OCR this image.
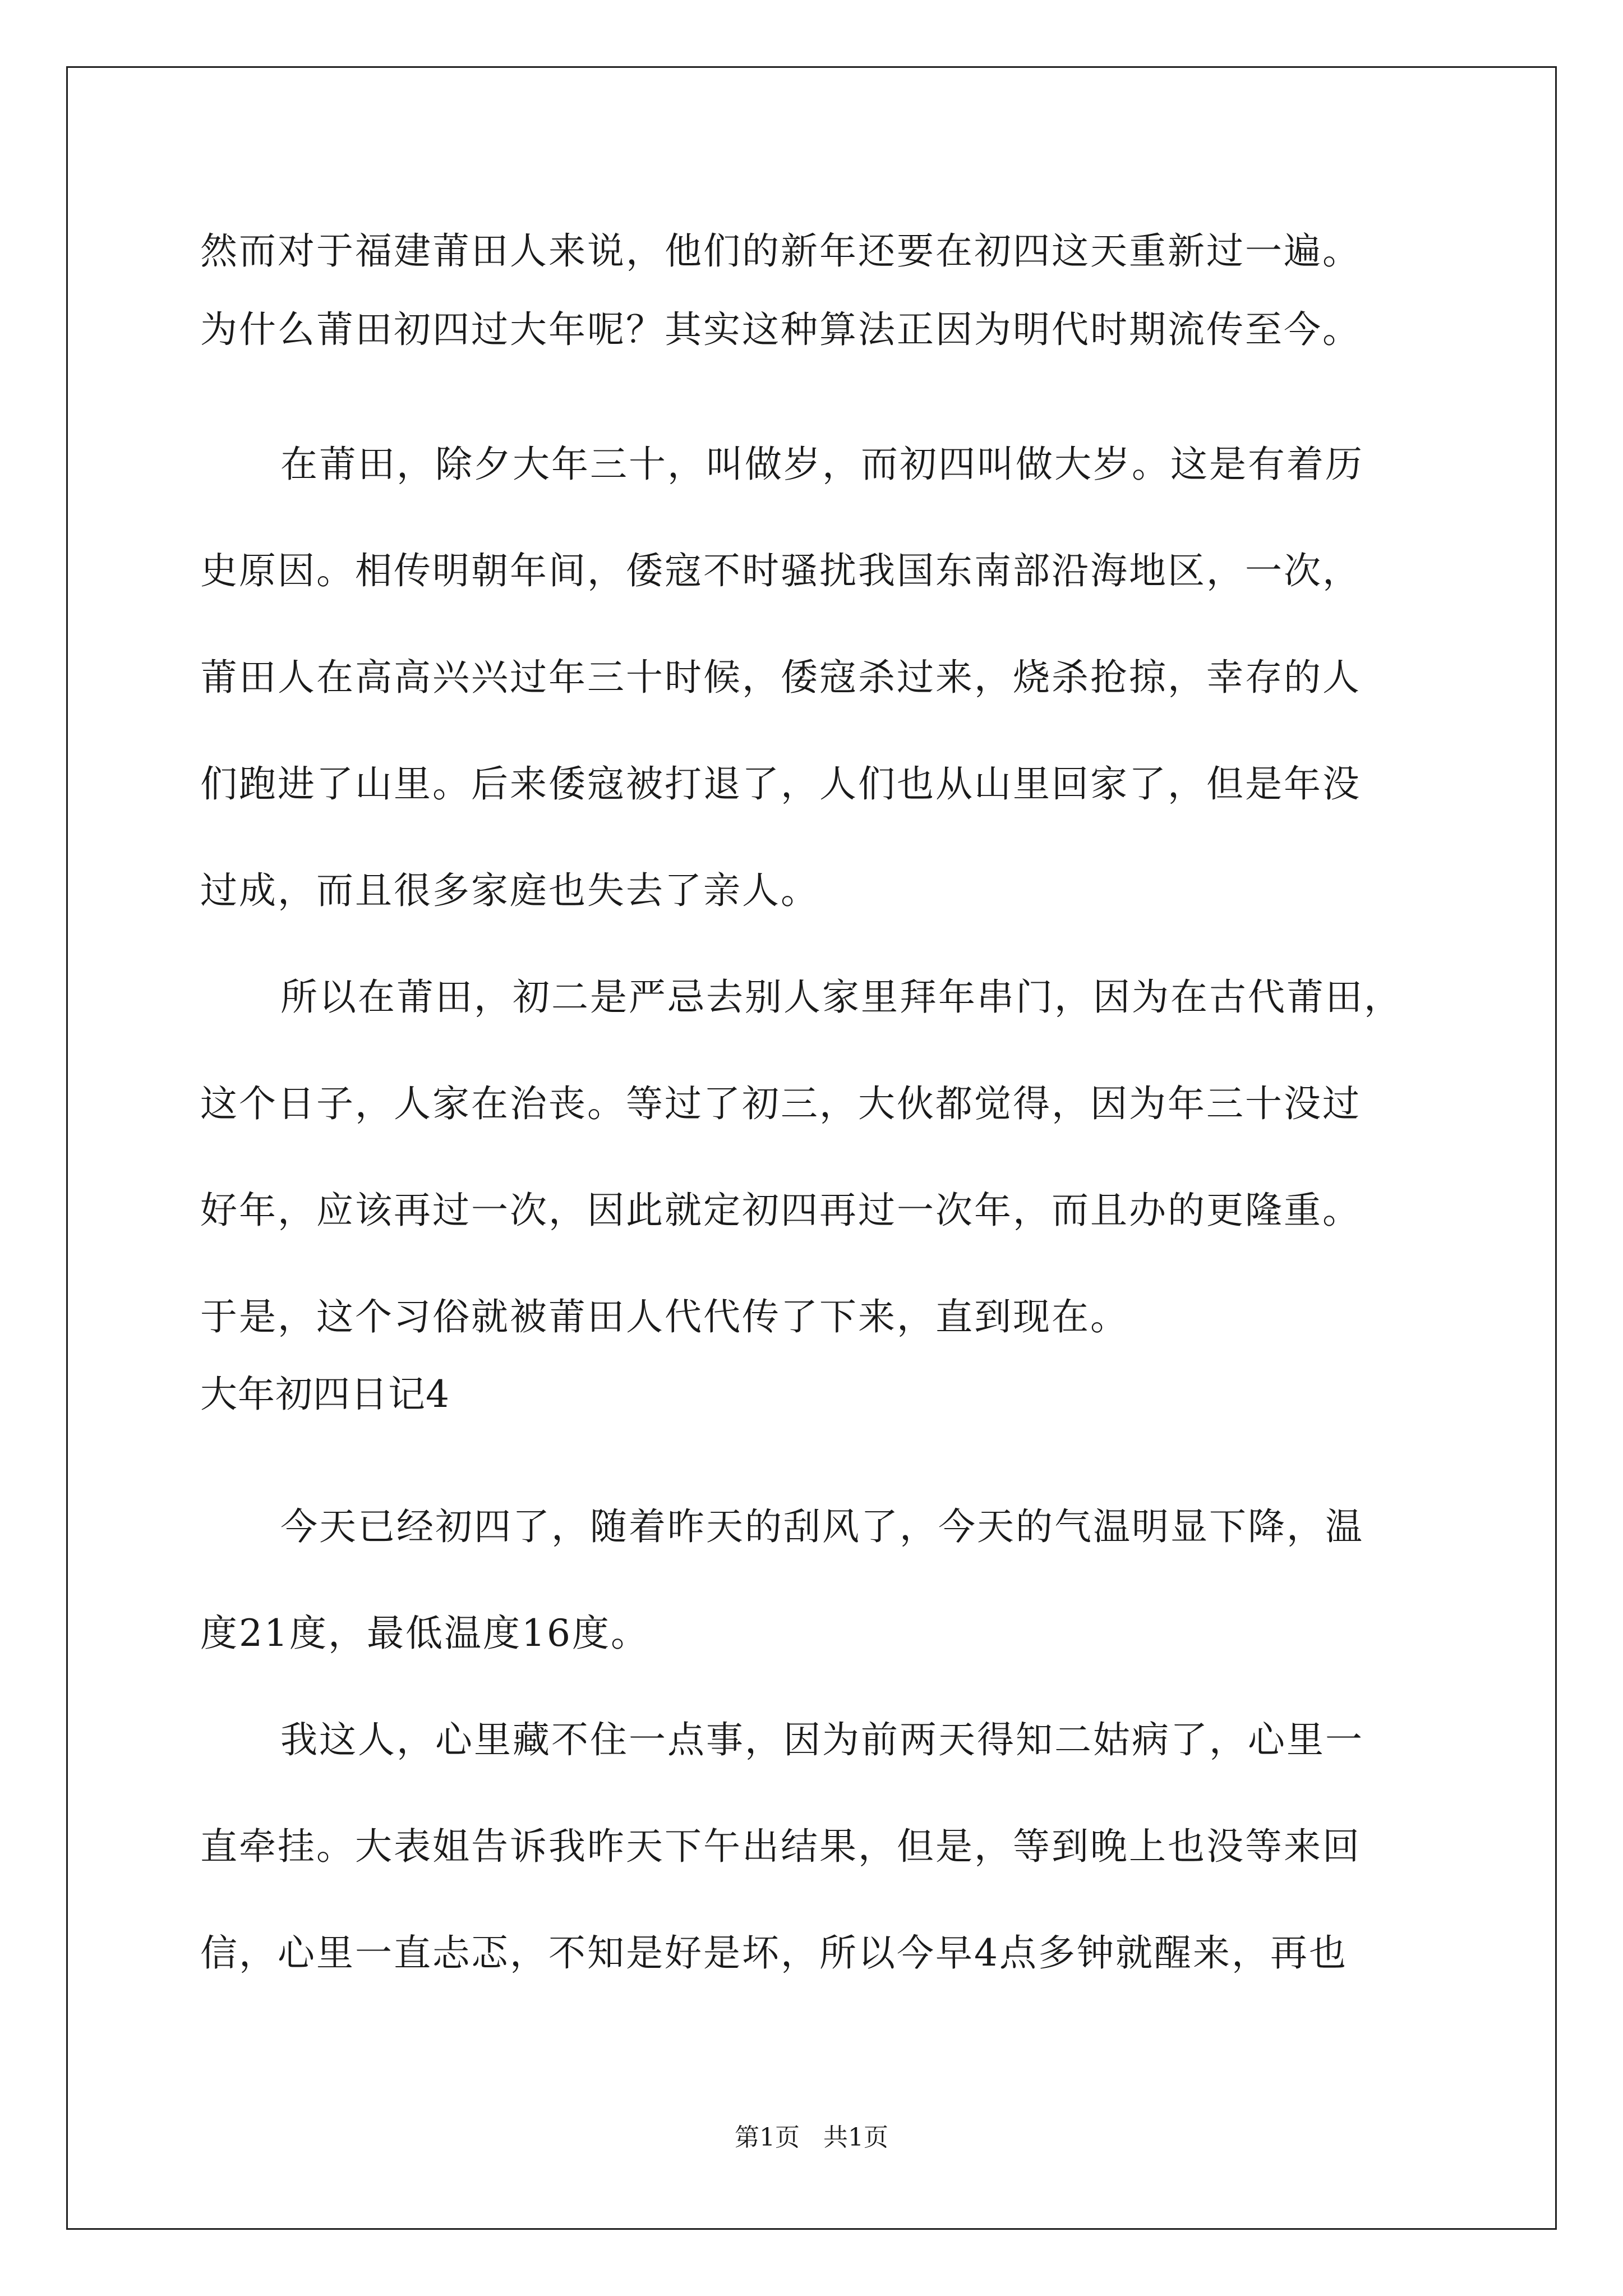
然而对于福建莆田人来说，他们的新年还要在初四这天重新过一遍。
为什么莆田初四过大年呢？其实这种算法正因为明代时期流传至今。
在莆田，除夕大年三十，叫做岁，而初四叫做大岁。这是有着历
史原因。相传明朝年间，倭寇不时骚扰我国东南部沿海地区，一次，
莆田人在高高兴兴过年三十时候，倭寇杀过来，烧杀抢掠，幸存的人
们跑进了山里。后来倭寇被打退了，人们也从山里回家了，但是年没
过成，而且很多家庭也失去了亲人。
所以在莆田，初二是严忌去别人家里拜年串门，因为在古代莆田，
这个日子，人家在治丧。等过了初三，大伙都觉得，因为年三十没过
好年，应该再过一次，因此就定初四再过一次年，而且办的更隆重。
于是，这个习俗就被莆田人代代传了下来，直到现在。
大年初四日记4
今天已经初四了，随着昨天的刮风了，今天的气温明显下降，温
度21度，最低温度16度。
我这人，心里藏不住一点事，因为前两天得知二姑病了，心里一
直牵挂。大表姐告诉我昨天下午出结果，但是，等到晚上也没等来回
信，心里一直忐忑，不知是好是坏，所以今早4点多钟就醒来，再也
第1页   共1页
